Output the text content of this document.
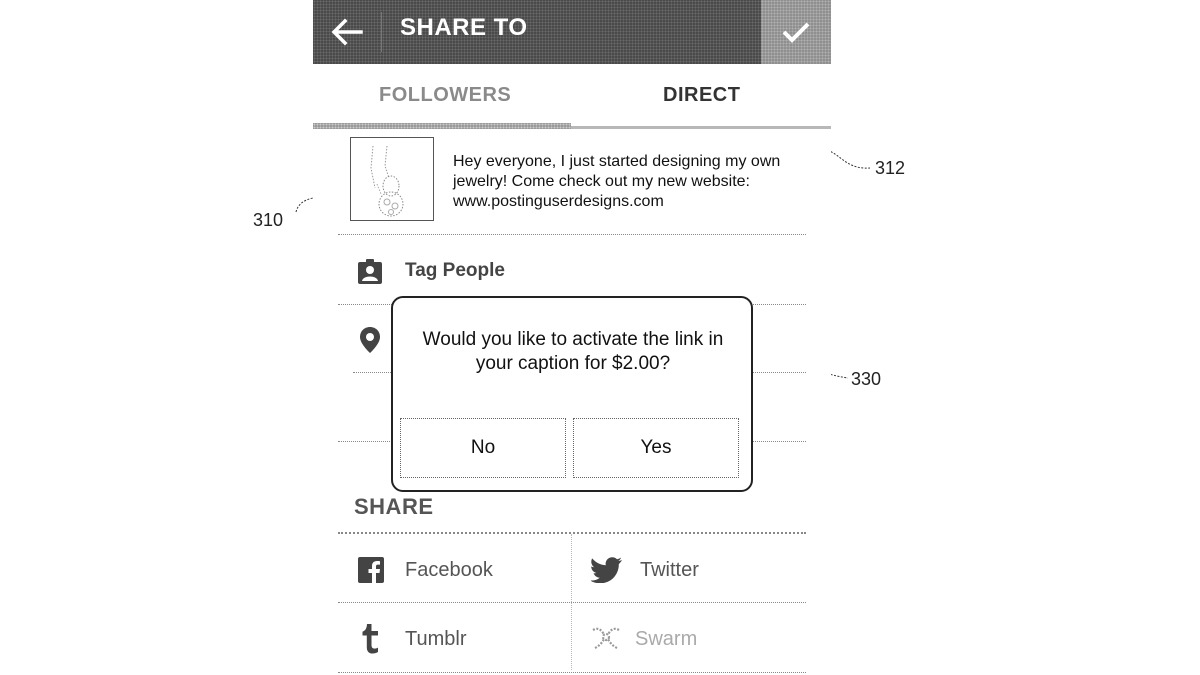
310
312
330
SHARE TO
FOLLOWERS	DIRECT
Hey everyone, I just started designing my own jewelry! Come check out my new website: www.postinguserdesigns.com
Tag People
SHARE
Facebook	Twitter
Tumblr	Swarm
Would you like to activate the link in your caption for $2.00?
No	Yes
